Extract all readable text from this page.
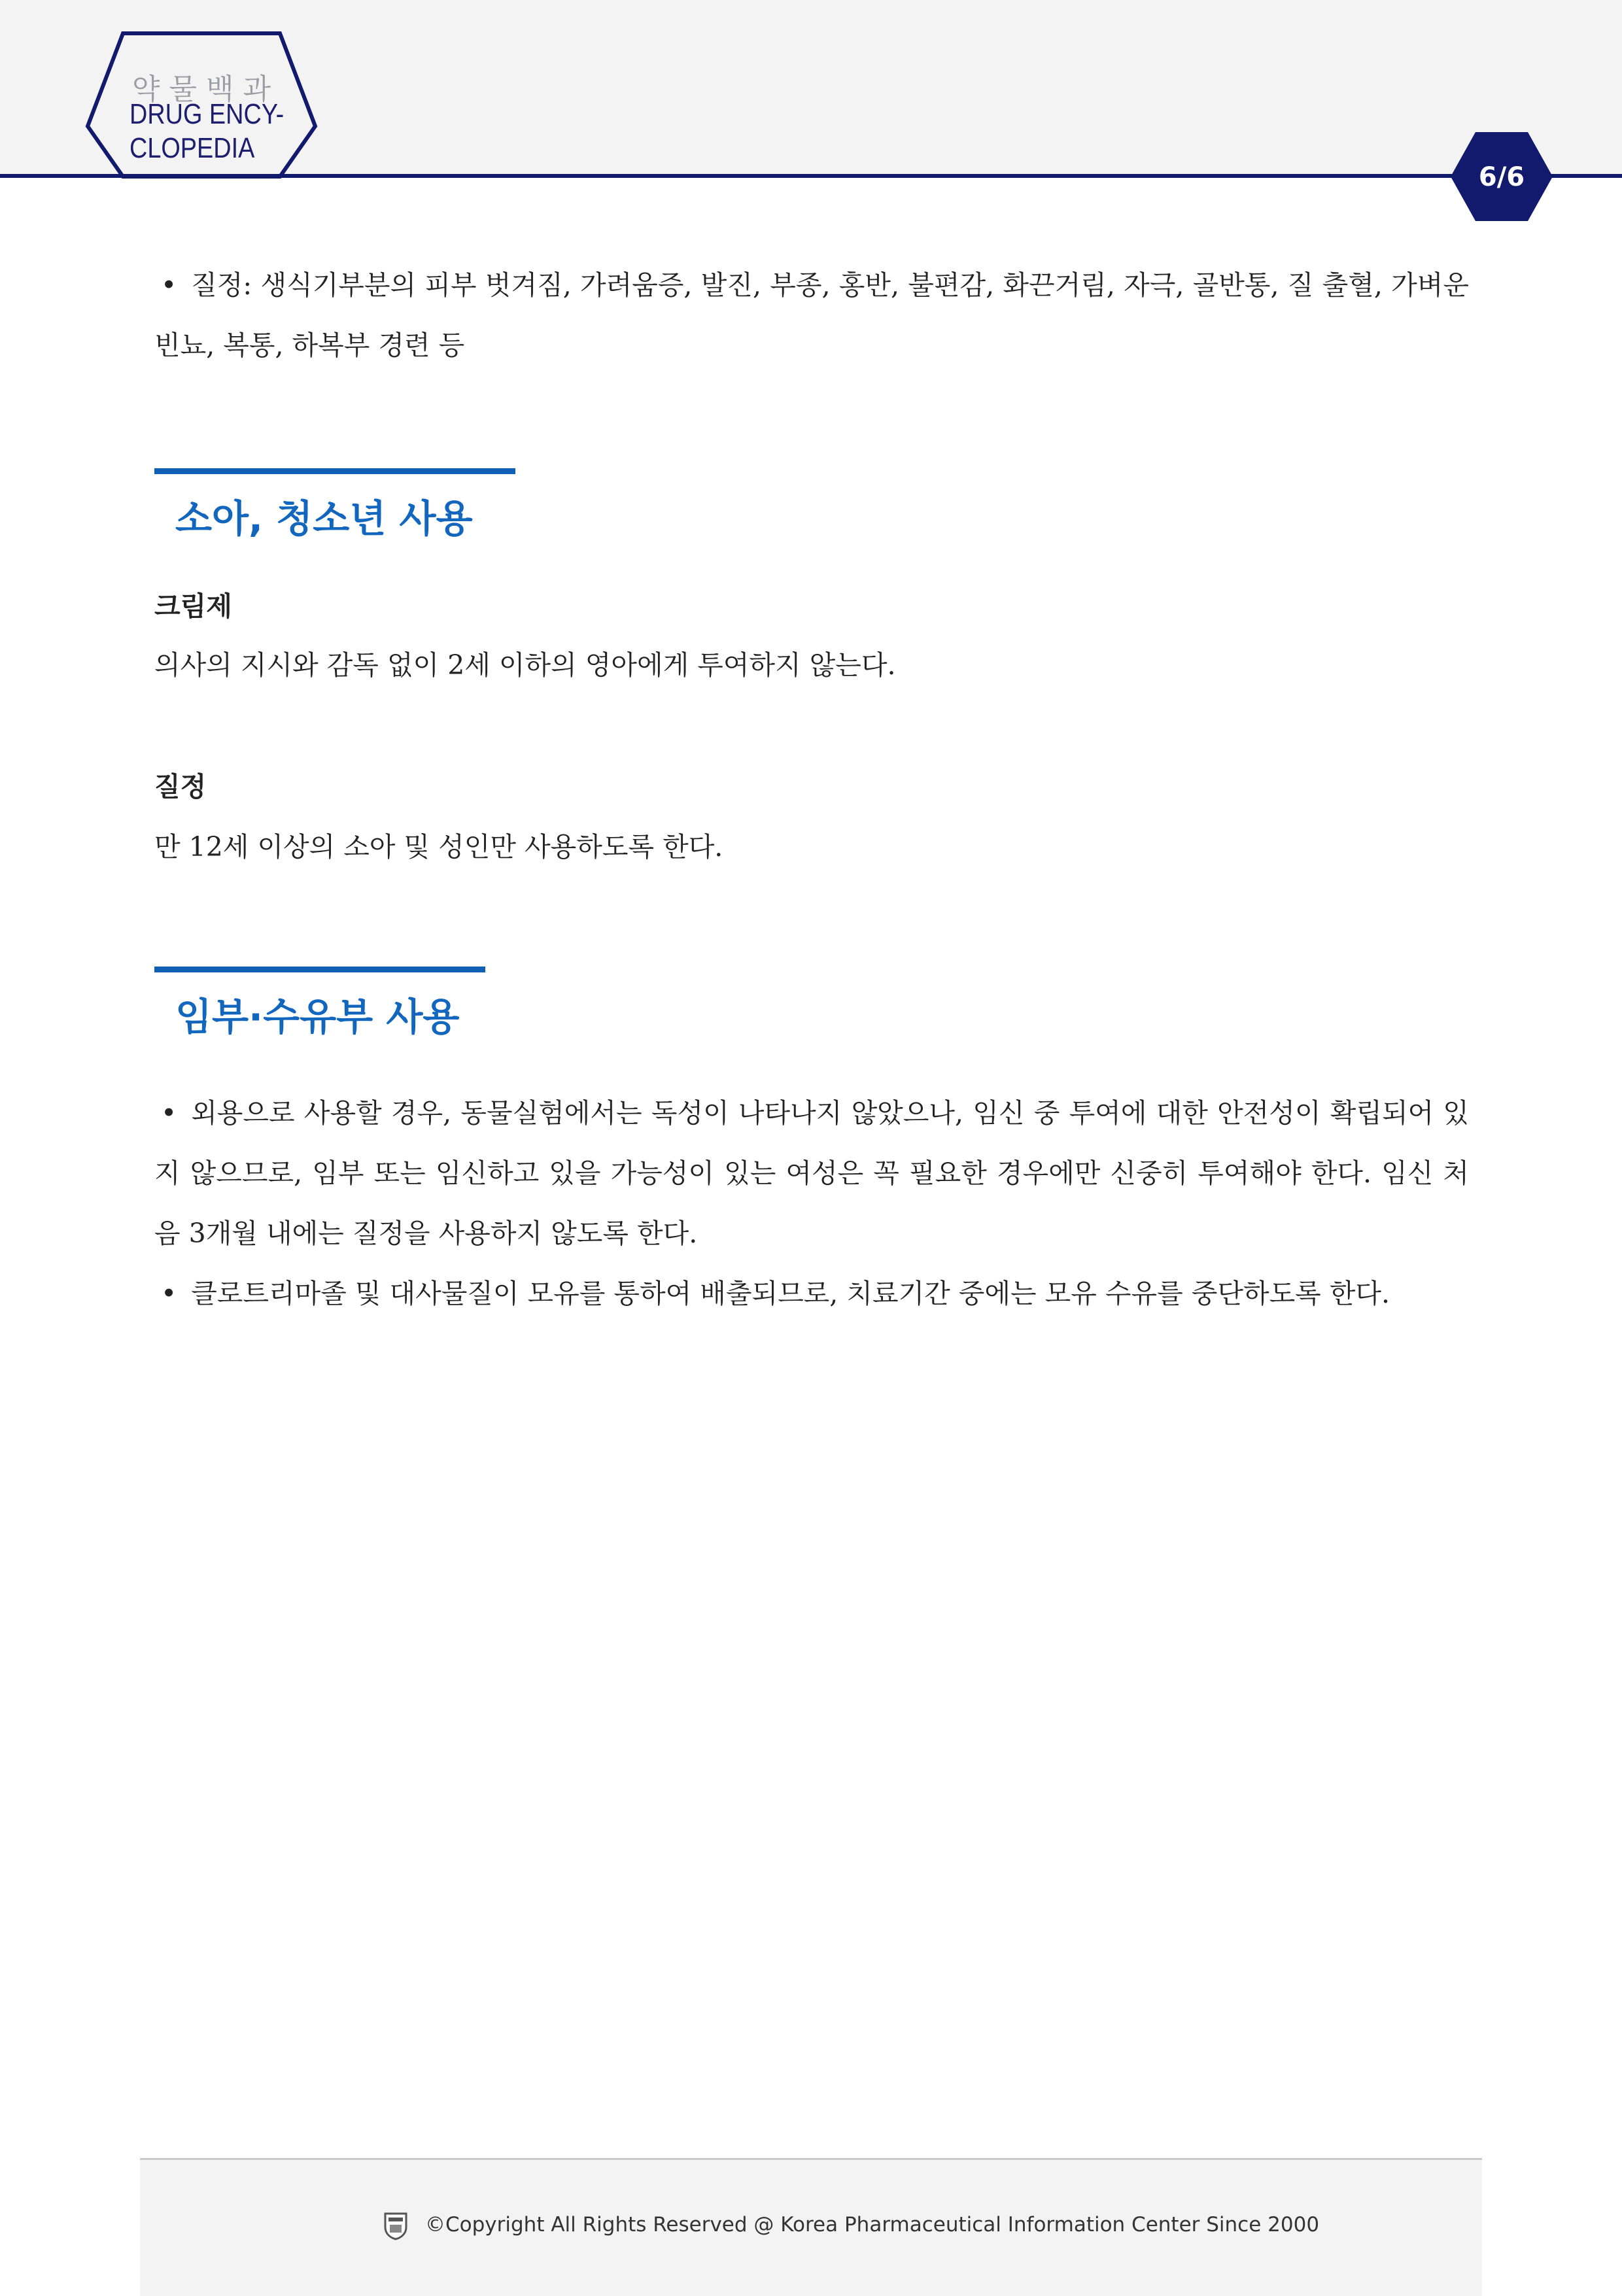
약물백과
DRUG ENCY-
CLOPEDIA
6/6
• 질정: 생식기부분의 피부 벗겨짐, 가려움증, 발진, 부종, 홍반, 불편감, 화끈거림, 자극, 골반통, 질 출혈, 가벼운 빈뇨, 복통, 하복부 경련 등
소아, 청소년 사용
크림제
의사의 지시와 감독 없이 2세 이하의 영아에게 투여하지 않는다.
질정
만 12세 이상의 소아 및 성인만 사용하도록 한다.
임부·수유부 사용
• 외용으로 사용할 경우, 동물실험에서는 독성이 나타나지 않았으나, 임신 중 투여에 대한 안전성이 확립되어 있지 않으므로, 임부 또는 임신하고 있을 가능성이 있는 여성은 꼭 필요한 경우에만 신중히 투여해야 한다. 임신 처음 3개월 내에는 질정을 사용하지 않도록 한다.
• 클로트리마졸 및 대사물질이 모유를 통하여 배출되므로, 치료기간 중에는 모유 수유를 중단하도록 한다.
©Copyright All Rights Reserved @ Korea Pharmaceutical Information Center Since 2000
